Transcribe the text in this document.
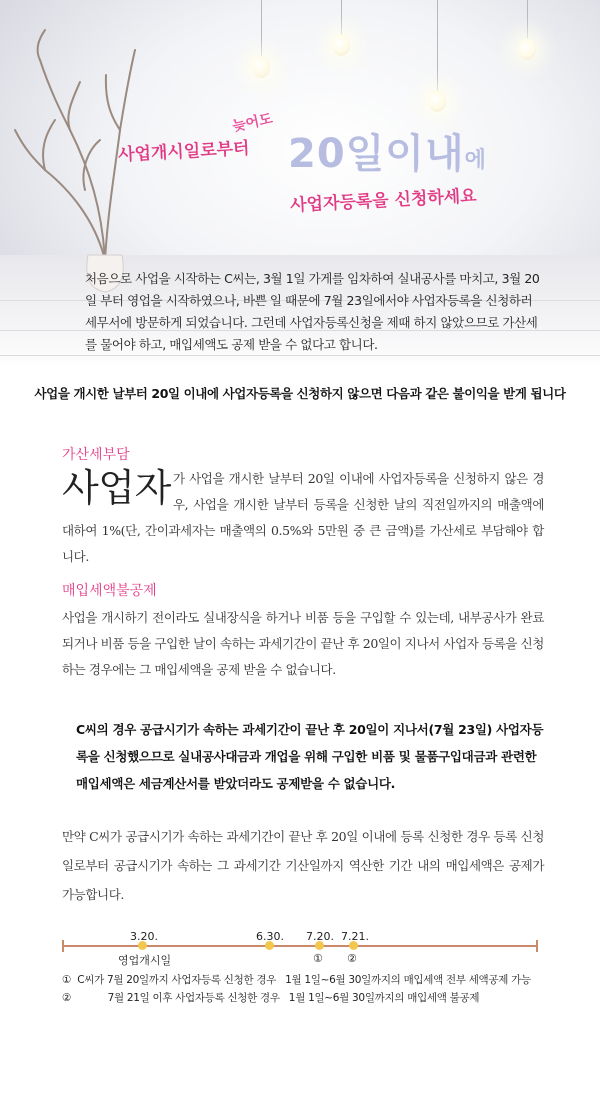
사업개시일로부터
늦어도
20일이내에
사업자등록을 신청하세요
처음으로 사업을 시작하는 C씨는, 3월 1일 가게를 임차하여 실내공사를 마치고, 3월 20일 부터 영업을 시작하였으나, 바쁜 일 때문에 7월 23일에서야 사업자등록을 신청하러 세무서에 방문하게 되었습니다. 그런데 사업자등록신청을 제때 하지 않았으므로 가산세를 물어야 하고, 매입세액도 공제 받을 수 없다고 합니다.
사업을 개시한 날부터 20일 이내에 사업자등록을 신청하지 않으면 다음과 같은 불이익을 받게 됩니다
가산세부담
사업자 가 사업을 개시한 날부터 20일 이내에 사업자등록을 신청하지 않은 경우, 사업을 개시한 날부터 등록을 신청한 날의 직전일까지의 매출액에 대하여 1%(단, 간이과세자는 매출액의 0.5%와 5만원 중 큰 금액)를 가산세로 부담해야 합니다.
매입세액불공제
사업을 개시하기 전이라도 실내장식을 하거나 비품 등을 구입할 수 있는데, 내부공사가 완료되거나 비품 등을 구입한 날이 속하는 과세기간이 끝난 후 20일이 지나서 사업자 등록을 신청하는 경우에는 그 매입세액을 공제 받을 수 없습니다.
C씨의 경우 공급시기가 속하는 과세기간이 끝난 후 20일이 지나서(7월 23일) 사업자등록을 신청했으므로 실내공사대금과 개업을 위해 구입한 비품 및 물품구입대금과 관련한 매입세액은 세금계산서를 받았더라도 공제받을 수 없습니다.
만약 C씨가 공급시기가 속하는 과세기간이 끝난 후 20일 이내에 등록 신청한 경우 등록 신청일로부터 공급시기가 속하는 그 과세기간 기산일까지 역산한 기간 내의 매입세액은 공제가 가능합니다.
3.20.	6.30. 7.20. 7.21.
영업개시일	① ②
①  C씨가 7월 20일까지 사업자등록 신청한 경우   1월 1일~6월 30일까지의 매입세액 전부 세액공제 가능
②            7월 21일 이후 사업자등록 신청한 경우   1월 1일~6월 30일까지의 매입세액 불공제
